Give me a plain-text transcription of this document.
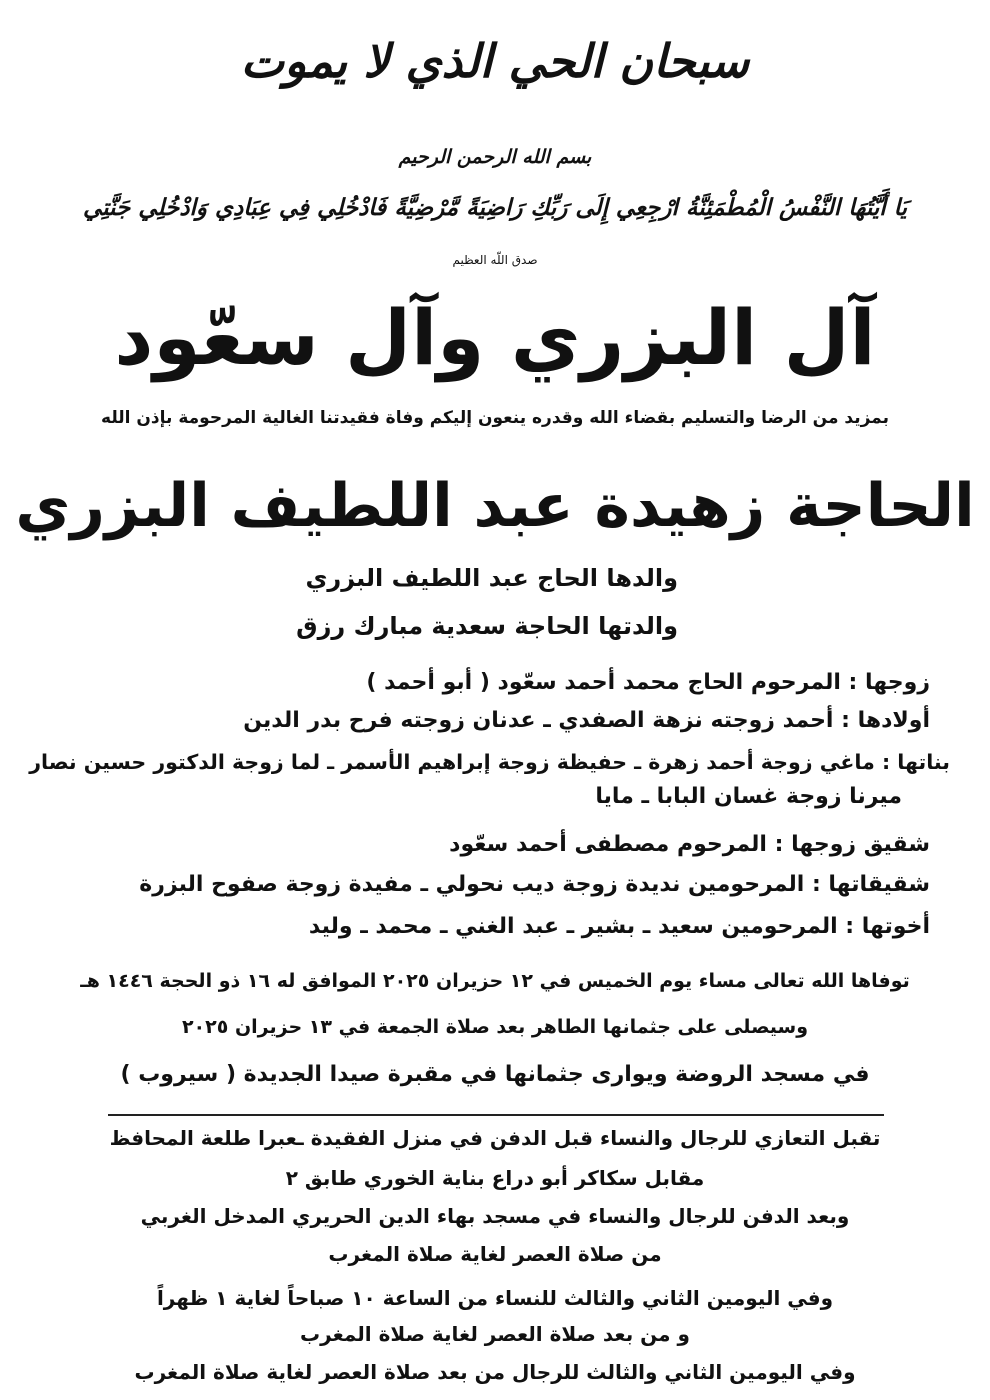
سبحان الحي الذي لا يموت

بسم الله الرحمن الرحيم

يَا أَيَّتُهَا النَّفْسُ الْمُطْمَئِنَّةُ ارْجِعِي إِلَى رَبِّكِ رَاضِيَةً مَّرْضِيَّةً فَادْخُلِي فِي عِبَادِي وَادْخُلِي جَنَّتِي

صدق اللّه العظيم

آل البزري وآل سعّود

بمزيد من الرضا والتسليم بقضاء الله وقدره ينعون إليكم وفاة فقيدتنا الغالية المرحومة بإذن الله

الحاجة زهيدة عبد اللطيف البزري

والدها الحاج عبد اللطيف البزري

والدتها الحاجة سعدية مبارك رزق

زوجها : المرحوم الحاج محمد أحمد سعّود ( أبو أحمد )

أولادها : أحمد زوجته نزهة الصفدي ـ عدنان زوجته فرح بدر الدين

بناتها : ماغي زوجة أحمد زهرة ـ حفيظة زوجة إبراهيم الأسمر ـ لما زوجة الدكتور حسين نصار

ميرنا زوجة غسان البابا ـ مايا

شقيق زوجها : المرحوم مصطفى أحمد سعّود

شقيقاتها : المرحومين نديدة زوجة ديب نحولي ـ مفيدة زوجة صفوح البزرة

أخوتها : المرحومين سعيد ـ بشير ـ عبد الغني ـ محمد ـ وليد

توفاها الله تعالى مساء يوم الخميس في ١٢ حزيران ٢٠٢٥ الموافق له ١٦ ذو الحجة ١٤٤٦ هـ

وسيصلى على جثمانها الطاهر بعد صلاة الجمعة في ١٣ حزيران ٢٠٢٥

في مسجد الروضة ويوارى جثمانها في مقبرة صيدا الجديدة ( سيروب )

تقبل التعازي للرجال والنساء قبل الدفن في منزل الفقيدة ـعبرا طلعة المحافظ

مقابل سكاكر أبو دراع بناية الخوري طابق ٢

وبعد الدفن للرجال والنساء في مسجد بهاء الدين الحريري المدخل الغربي

من صلاة العصر لغاية صلاة المغرب

وفي اليومين الثاني والثالث للنساء من الساعة ١٠ صباحاً لغاية ١ ظهراً

و من بعد صلاة العصر لغاية صلاة المغرب

وفي اليومين الثاني والثالث للرجال من بعد صلاة العصر لغاية صلاة المغرب
